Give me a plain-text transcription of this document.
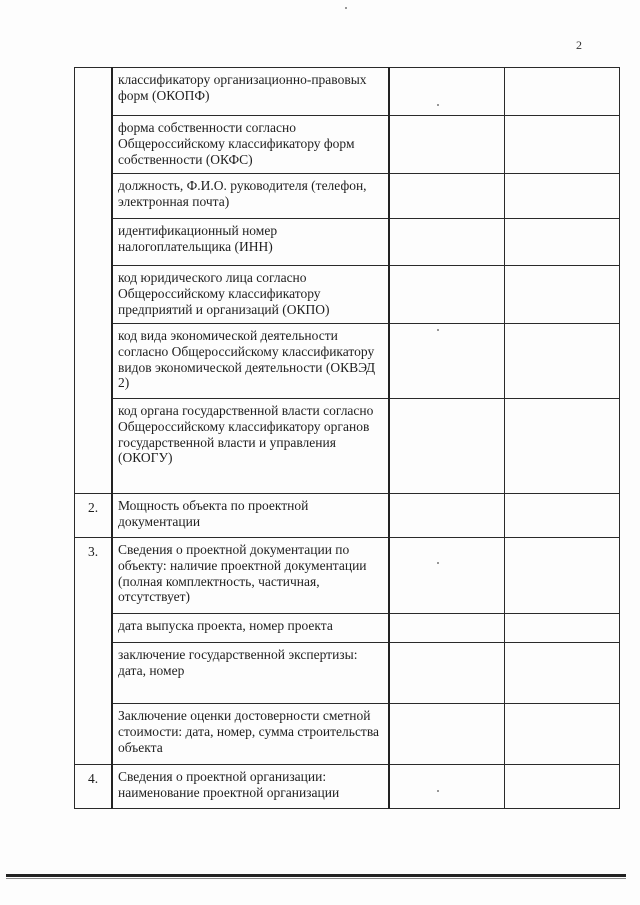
2
	классификатору организационно-правовых форм (ОКОПФ)		
	форма собственности согласно Общероссийскому классификатору форм собственности (ОКФС)		
	должность, Ф.И.О. руководителя (телефон, электронная почта)		
	идентификационный номер налогоплательщика (ИНН)		
	код юридического лица согласно Общероссийскому классификатору предприятий и организаций (ОКПО)		
	код вида экономической деятельности согласно Общероссийскому классификатору видов экономической деятельности (ОКВЭД 2)		
	код органа государственной власти согласно Общероссийскому классификатору органов государственной власти и управления (ОКОГУ)		
2.	Мощность объекта по проектной документации		
3.	Сведения о проектной документации по объекту: наличие проектной документации (полная комплектность, частичная, отсутствует)		
	дата выпуска проекта, номер проекта		
	заключение государственной экспертизы:
дата, номер		
	Заключение оценки достоверности сметной стоимости: дата, номер, сумма строительства объекта		
4.	Сведения о проектной организации: наименование проектной организации		
